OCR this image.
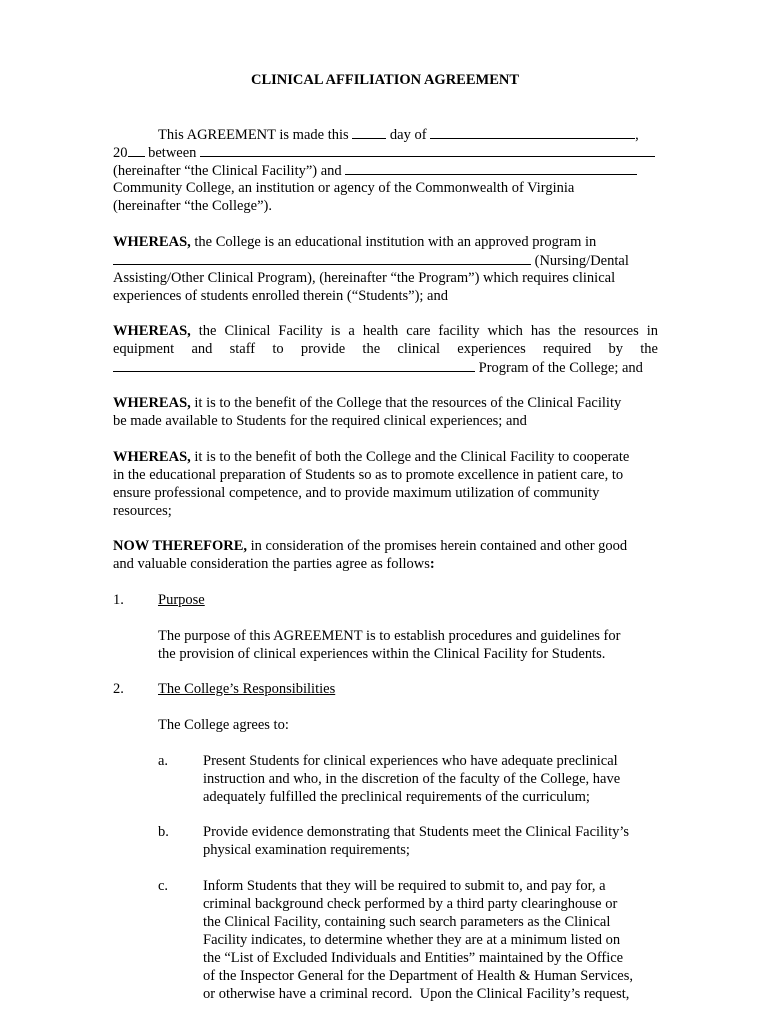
CLINICAL AFFILIATION AGREEMENT
This AGREEMENT is made this	day of	,
20 between
(hereinafter “the Clinical Facility”) and
Community College, an institution or agency of the Commonwealth of Virginia
(hereinafter “the College”).
WHEREAS, the College is an educational institution with an approved program in
(Nursing/Dental
Assisting/Other Clinical Program), (hereinafter “the Program”) which requires clinical
experiences of students enrolled therein (“Students”); and
WHEREAS, the Clinical Facility is a health care facility which has the resources in
equipment and staff to provide the clinical experiences required by the
Program of the College; and
WHEREAS, it is to the benefit of the College that the resources of the Clinical Facility
be made available to Students for the required clinical experiences; and
WHEREAS, it is to the benefit of both the College and the Clinical Facility to cooperate
in the educational preparation of Students so as to promote excellence in patient care, to
ensure professional competence, and to provide maximum utilization of community
resources;
NOW THEREFORE, in consideration of the promises herein contained and other good
and valuable consideration the parties agree as follows:
1. Purpose
The purpose of this AGREEMENT is to establish procedures and guidelines for
the provision of clinical experiences within the Clinical Facility for Students.
2. The College’s Responsibilities
The College agrees to:
a. Present Students for clinical experiences who have adequate preclinical
instruction and who, in the discretion of the faculty of the College, have
adequately fulfilled the preclinical requirements of the curriculum;
b. Provide evidence demonstrating that Students meet the Clinical Facility’s
physical examination requirements;
c. Inform Students that they will be required to submit to, and pay for, a
criminal background check performed by a third party clearinghouse or
the Clinical Facility, containing such search parameters as the Clinical
Facility indicates, to determine whether they are at a minimum listed on
the “List of Excluded Individuals and Entities” maintained by the Office
of the Inspector General for the Department of Health & Human Services,
or otherwise have a criminal record.  Upon the Clinical Facility’s request,
